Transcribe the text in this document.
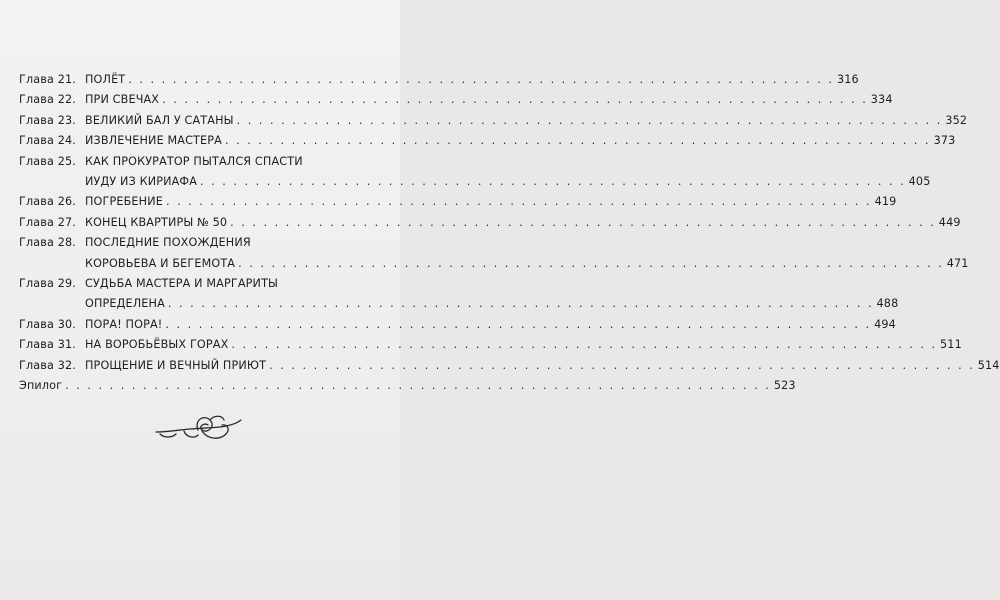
Глава 21. ПОЛЁТ . . .	316
Глава 22. ПРИ СВЕЧАХ . . .	334
Глава 23. ВЕЛИКИЙ БАЛ У САТАНЫ . . .	352
Глава 24. ИЗВЛЕЧЕНИЕ МАСТЕРА . . .	373
Глава 25. КАК ПРОКУРАТОР ПЫТАЛСЯ СПАСТИ
ИУДУ ИЗ КИРИАФА . . .	405
Глава 26. ПОГРЕБЕНИЕ . . .	419
Глава 27. КОНЕЦ КВАРТИРЫ № 50 . . .	449
Глава 28. ПОСЛЕДНИЕ ПОХОЖДЕНИЯ
КОРОВЬЕВА И БЕГЕМОТА . . .	471
Глава 29. СУДЬБА МАСТЕРА И МАРГАРИТЫ
ОПРЕДЕЛЕНА . . .	488
Глава 30. ПОРА! ПОРА! . . .	494
Глава 31. НА ВОРОБЬЁВЫХ ГОРАХ . . .	511
Глава 32. ПРОЩЕНИЕ И ВЕЧНЫЙ ПРИЮТ . . .	514
Эпилог . . .	523
